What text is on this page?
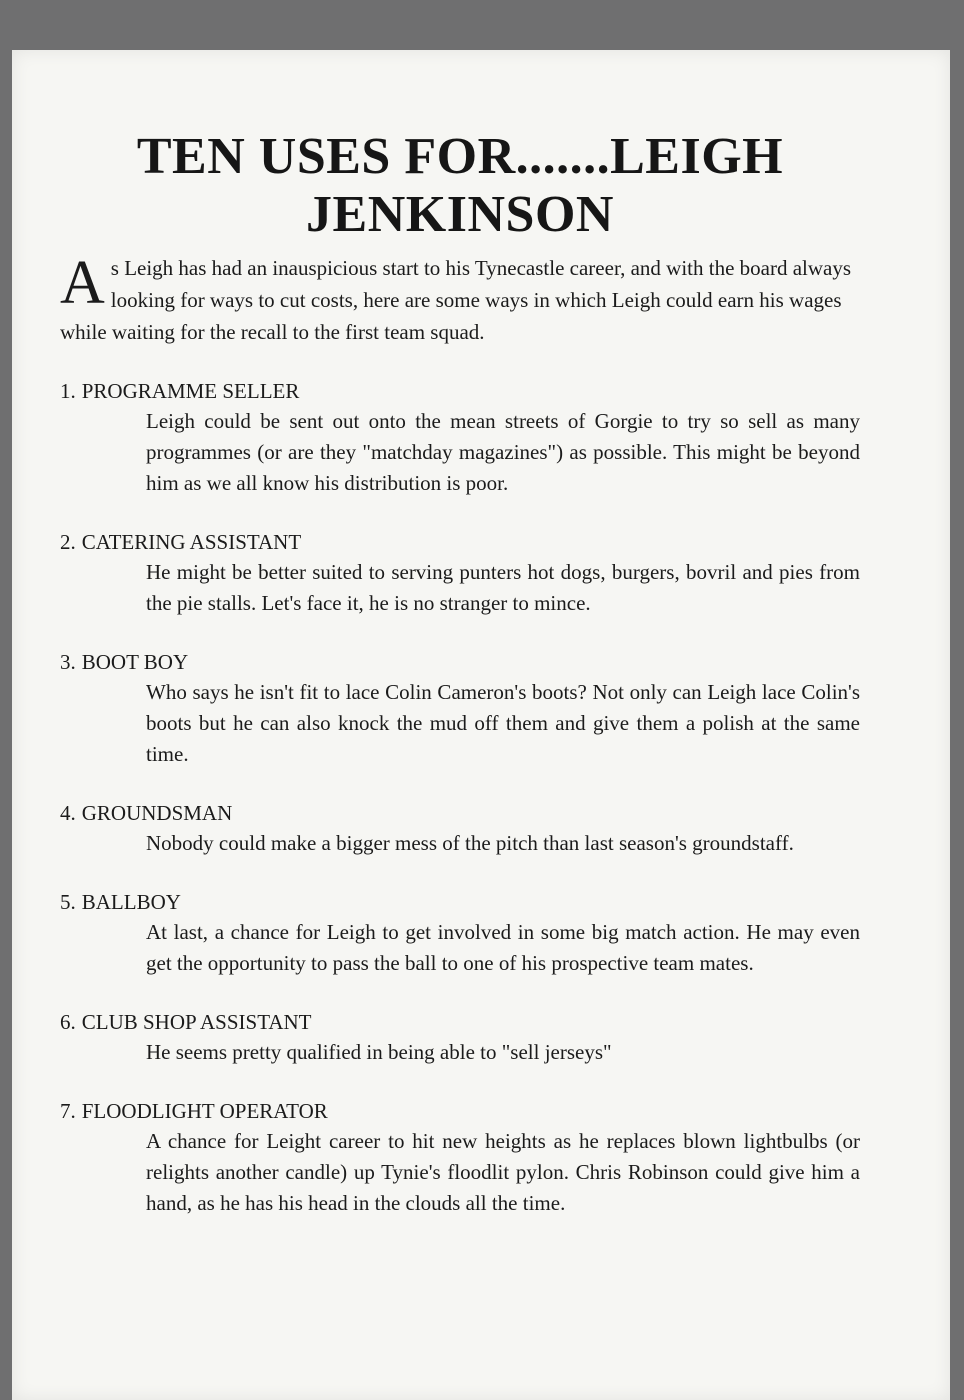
TEN USES FOR.......LEIGH
JENKINSON

As Leigh has had an inauspicious start to his Tynecastle career, and with the board always looking for ways to cut costs, here are some ways in which Leigh could earn his wages while waiting for the recall to the first team squad.

1. PROGRAMME SELLER
Leigh could be sent out onto the mean streets of Gorgie to try so sell as many programmes (or are they "matchday magazines") as possible. This might be beyond him as we all know his distribution is poor.
2. CATERING ASSISTANT
He might be better suited to serving punters hot dogs, burgers, bovril and pies from the pie stalls. Let's face it, he is no stranger to mince.
3. BOOT BOY
Who says he isn't fit to lace Colin Cameron's boots? Not only can Leigh lace Colin's boots but he can also knock the mud off them and give them a polish at the same time.
4. GROUNDSMAN
Nobody could make a bigger mess of the pitch than last season's groundstaff.
5. BALLBOY
At last, a chance for Leigh to get involved in some big match action. He may even get the opportunity to pass the ball to one of his prospective team mates.
6. CLUB SHOP ASSISTANT
He seems pretty qualified in being able to "sell jerseys"
7. FLOODLIGHT OPERATOR
A chance for Leight career to hit new heights as he replaces blown lightbulbs (or relights another candle) up Tynie's floodlit pylon. Chris Robinson could give him a hand, as he has his head in the clouds all the time.
